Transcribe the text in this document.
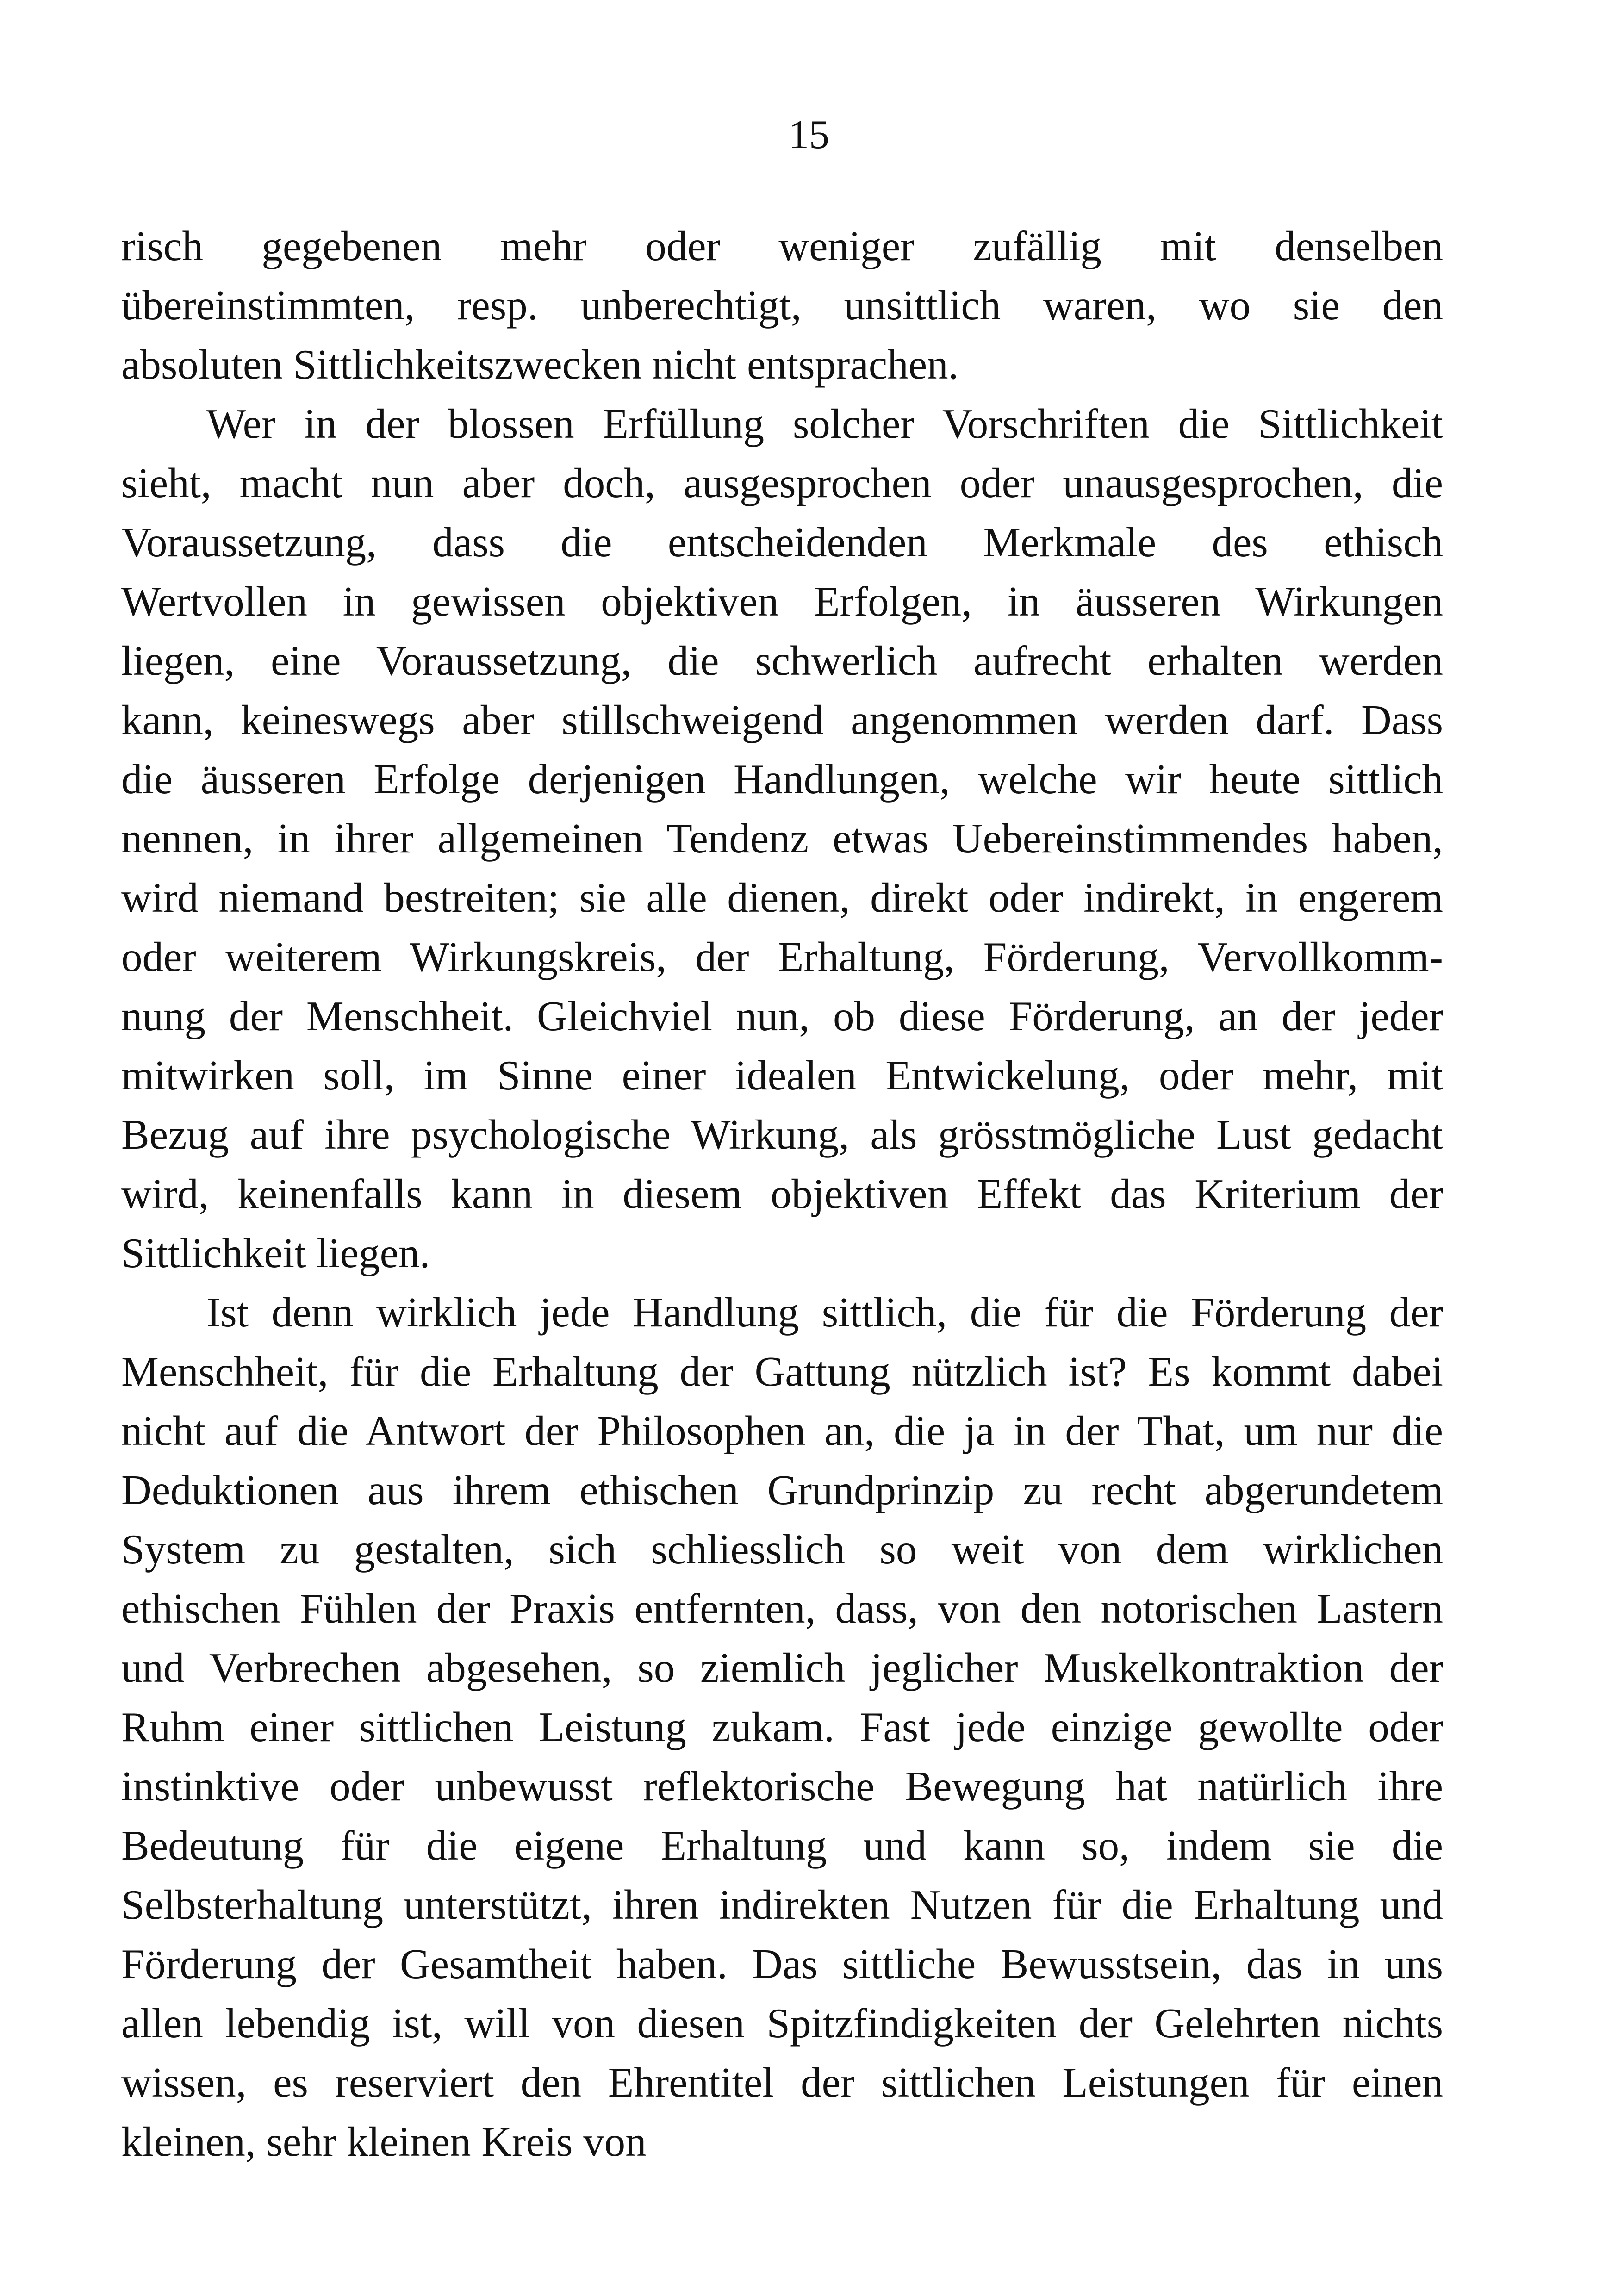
15
risch gegebenen mehr oder weniger zufällig mit denselben
übereinstimmten, resp. unberechtigt, unsittlich waren, wo sie den
absoluten Sittlichkeitszwecken nicht entsprachen.
Wer in der blossen Erfüllung solcher Vorschriften die Sittlichkeit
sieht, macht nun aber doch, ausgesprochen oder unausgesprochen, die
Voraussetzung, dass die entscheidenden Merkmale des ethisch
Wertvollen in gewissen objektiven Erfolgen, in äusseren Wirkungen
liegen, eine Voraussetzung, die schwerlich aufrecht erhalten werden
kann, keineswegs aber stillschweigend angenommen werden darf. Dass
die äusseren Erfolge derjenigen Handlungen, welche wir heute sittlich
nennen, in ihrer allgemeinen Tendenz etwas Uebereinstimmendes haben,
wird niemand bestreiten; sie alle dienen, direkt oder indirekt, in engerem
oder weiterem Wirkungskreis, der Erhaltung, Förderung, Vervollkomm-
nung der Menschheit. Gleichviel nun, ob diese Förderung, an der jeder
mitwirken soll, im Sinne einer idealen Entwickelung, oder mehr, mit
Bezug auf ihre psychologische Wirkung, als grösstmögliche Lust gedacht
wird, keinenfalls kann in diesem objektiven Effekt das Kriterium der
Sittlichkeit liegen.
Ist denn wirklich jede Handlung sittlich, die für die Förderung der
Menschheit, für die Erhaltung der Gattung nützlich ist? Es kommt dabei
nicht auf die Antwort der Philosophen an, die ja in der That, um nur die
Deduktionen aus ihrem ethischen Grundprinzip zu recht abgerundetem
System zu gestalten, sich schliesslich so weit von dem wirklichen
ethischen Fühlen der Praxis entfernten, dass, von den notorischen Lastern
und Verbrechen abgesehen, so ziemlich jeglicher Muskelkontraktion der
Ruhm einer sittlichen Leistung zukam. Fast jede einzige gewollte oder
instinktive oder unbewusst reflektorische Bewegung hat natürlich ihre
Bedeutung für die eigene Erhaltung und kann so, indem sie die
Selbsterhaltung unterstützt, ihren indirekten Nutzen für die Erhaltung und
Förderung der Gesamtheit haben. Das sittliche Bewusstsein, das in uns
allen lebendig ist, will von diesen Spitzfindigkeiten der Gelehrten nichts
wissen, es reserviert den Ehrentitel der sittlichen Leistungen für einen
kleinen, sehr kleinen Kreis von
